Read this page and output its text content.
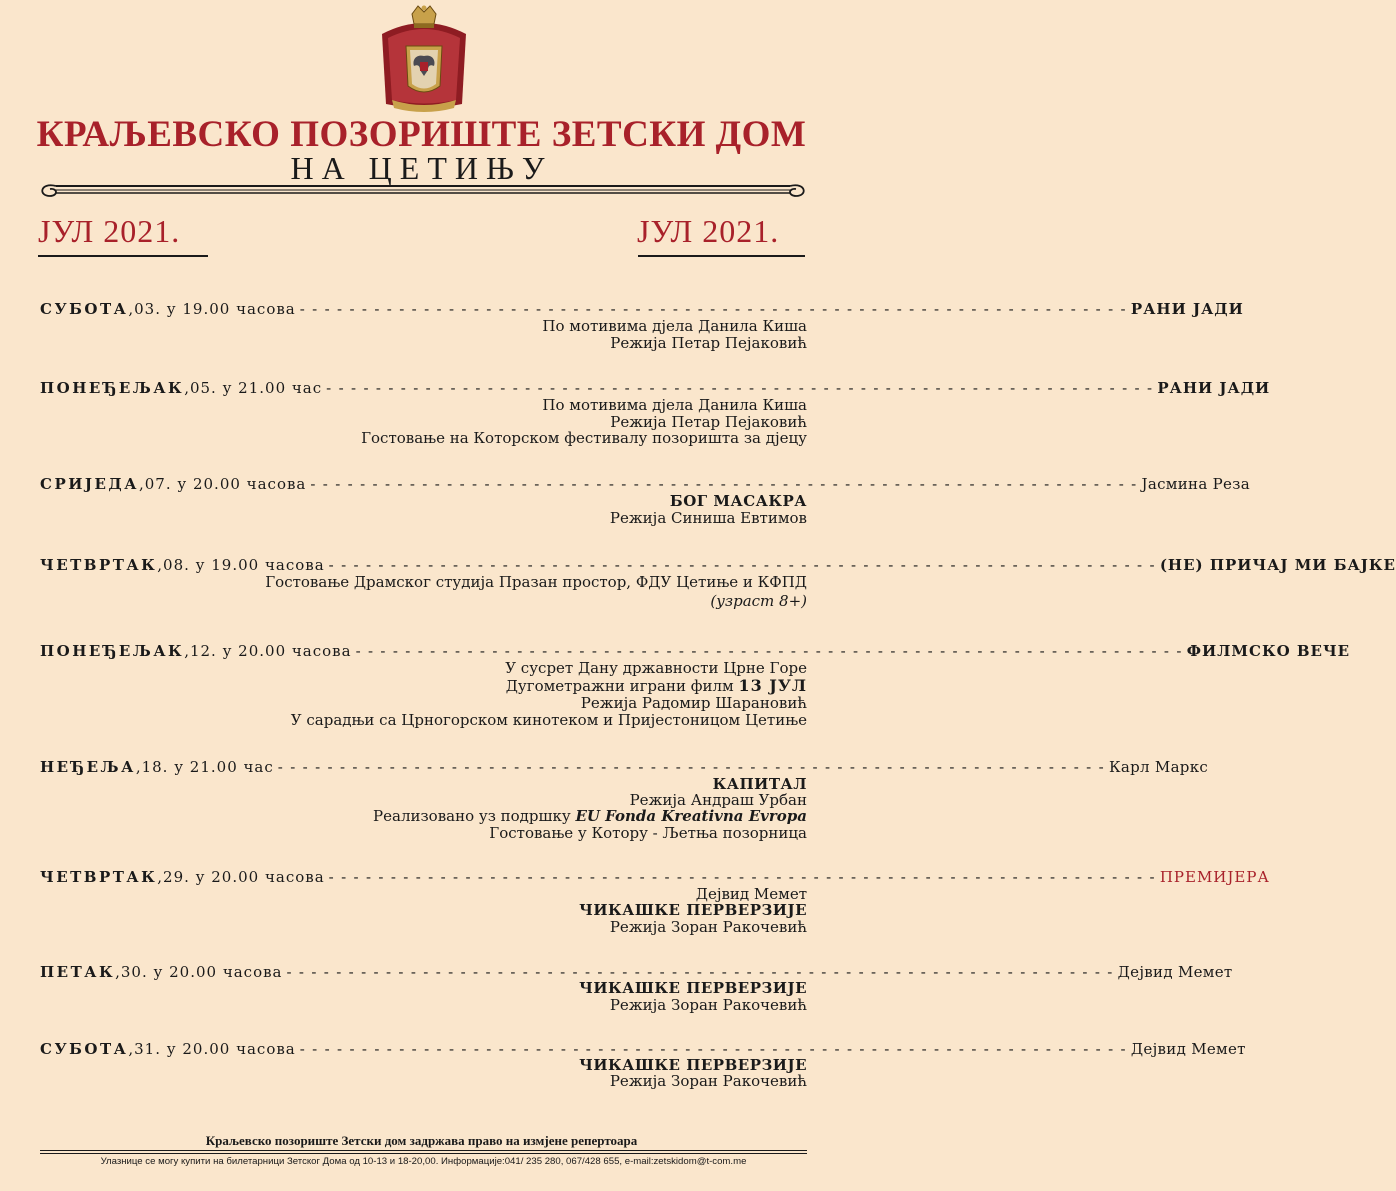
КРАЉЕВСКО ПОЗОРИШТЕ ЗЕТСКИ ДОМ
НА ЦЕТИЊУ
ЈУЛ 2021.	ЈУЛ 2021.
СУБОТА ,03. у 19.00 часова - - - - - - - - - - - - - - - - - - - - - - - - - - - - - - - - - - - - - - - - - - - - - - - - - - - - - - - - - - - - - - - - - - - РАНИ ЈАДИ
По мотивима дјела Данила Киша
Режија Петар Пејаковић
ПОНЕЂЕЉАК ,05. у 21.00 час - - - - - - - - - - - - - - - - - - - - - - - - - - - - - - - - - - - - - - - - - - - - - - - - - - - - - - - - - - - - - - - - - - - РАНИ ЈАДИ
По мотивима дјела Данила Киша
Режија Петар Пејаковић
Гостовање на Которском фестивалу позоришта за дјецу
СРИЈЕДА ,07. у 20.00 часова - - - - - - - - - - - - - - - - - - - - - - - - - - - - - - - - - - - - - - - - - - - - - - - - - - - - - - - - - - - - - - - - - - - Јасмина Реза
БОГ МАСАКРА
Режија Синиша Евтимов
ЧЕТВРТАК ,08. у 19.00 часова - - - - - - - - - - - - - - - - - - - - - - - - - - - - - - - - - - - - - - - - - - - - - - - - - - - - - - - - - - - - - - - - - - - (НЕ) ПРИЧАЈ МИ БАЈКЕ
Гостовање Драмског студија Празан простор, ФДУ Цетиње и КФПД
(узраст 8+)
ПОНЕЂЕЉАК ,12. у 20.00 часова - - - - - - - - - - - - - - - - - - - - - - - - - - - - - - - - - - - - - - - - - - - - - - - - - - - - - - - - - - - - - - - - - - - ФИЛМСКО ВЕЧЕ
У сусрет Дану државности Црне Горе
Дугометражни играни филм 13 ЈУЛ
Режија Радомир Шарановић
У сарадњи са Црногорском кинотеком и Пријестоницом Цетиње
НЕЂЕЉА ,18. у 21.00 час - - - - - - - - - - - - - - - - - - - - - - - - - - - - - - - - - - - - - - - - - - - - - - - - - - - - - - - - - - - - - - - - - - - Карл Маркс
КАПИТАЛ
Режија Андраш Урбан
Реализовано уз подршку EU Fonda Kreativna Evropa
Гостовање у Котору - Љетња позорница
ЧЕТВРТАК ,29. у 20.00 часова - - - - - - - - - - - - - - - - - - - - - - - - - - - - - - - - - - - - - - - - - - - - - - - - - - - - - - - - - - - - - - - - - - - ПРЕМИЈЕРА
Дејвид Мемет
ЧИКАШКЕ ПЕРВЕРЗИЈЕ
Режија Зоран Ракочевић
ПЕТАК ,30. у 20.00 часова - - - - - - - - - - - - - - - - - - - - - - - - - - - - - - - - - - - - - - - - - - - - - - - - - - - - - - - - - - - - - - - - - - - Дејвид Мемет
ЧИКАШКЕ ПЕРВЕРЗИЈЕ
Режија Зоран Ракочевић
СУБОТА ,31. у 20.00 часова - - - - - - - - - - - - - - - - - - - - - - - - - - - - - - - - - - - - - - - - - - - - - - - - - - - - - - - - - - - - - - - - - - - Дејвид Мемет
ЧИКАШКЕ ПЕРВЕРЗИЈЕ
Режија Зоран Ракочевић
Краљевско позориште Зетски дом задржава право на измјене репертоара
Улазнице се могу купити на билетарници Зетског Дома од 10-13 и 18-20,00. Информације:041/ 235 280, 067/428 655, e-mail:zetskidom@t-com.me
